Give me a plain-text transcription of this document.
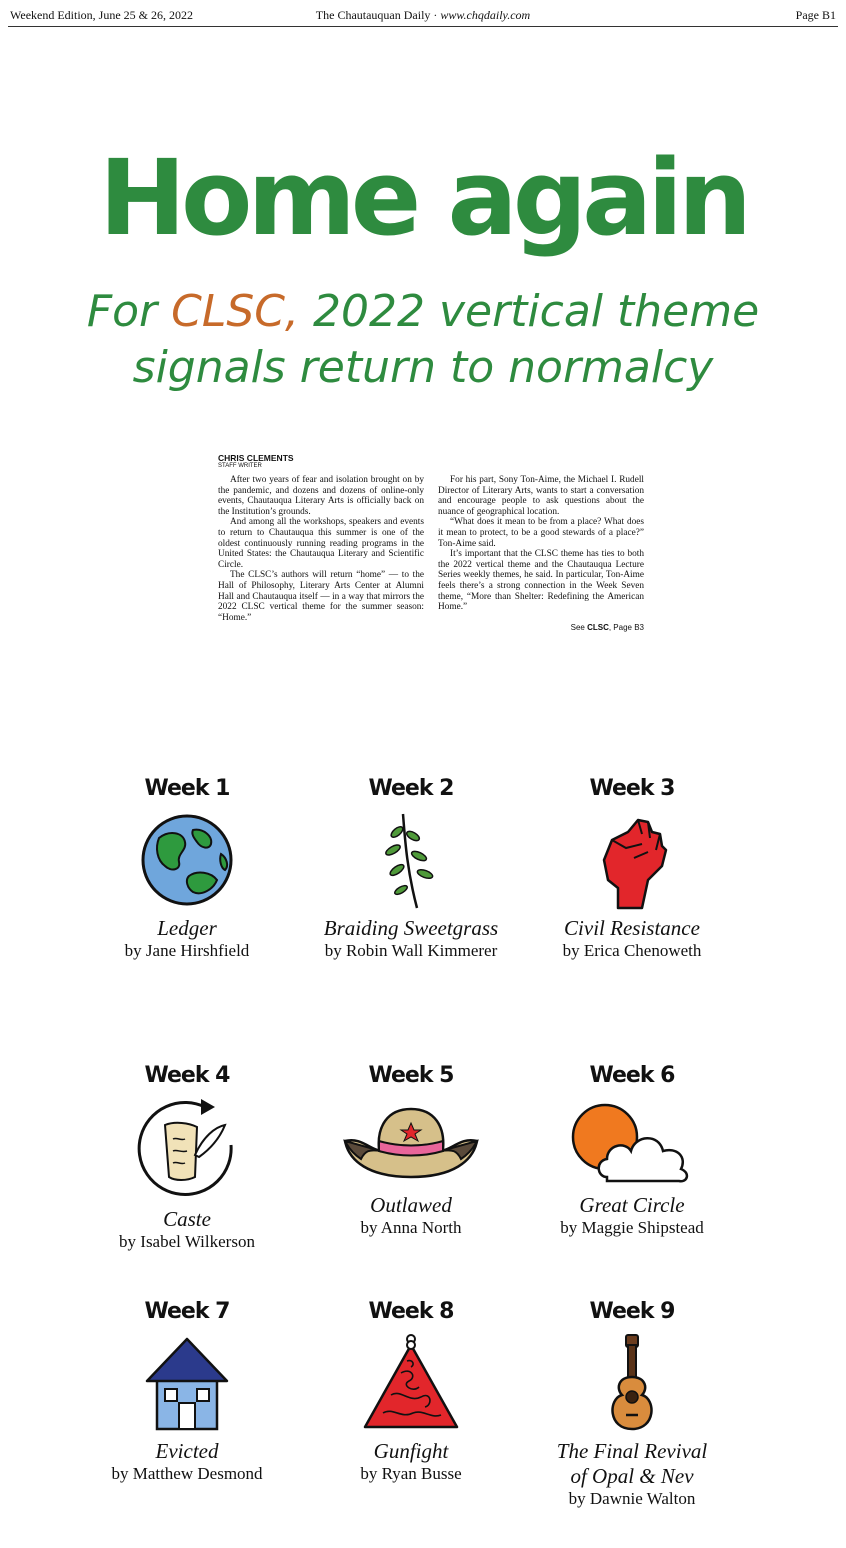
Weekend Edition, June 25 & 26, 2022	The Chautauquan Daily · www.chqdaily.com	Page B1
Home again
For CLSC, 2022 vertical theme
signals return to normalcy
CHRIS CLEMENTS
STAFF WRITER

After two years of fear and isolation brought on by the pandemic, and dozens and dozens of online-only events, Chautauqua Literary Arts is officially back on the Institution’s grounds.

And among all the workshops, speakers and events to return to Chautauqua this summer is one of the oldest continuously running reading programs in the United States: the Chautauqua Literary and Scientific Circle.

The CLSC’s authors will return “home” — to the Hall of Philosophy, Literary Arts Center at Alumni Hall and Chautauqua itself — in a way that mirrors the 2022 CLSC vertical theme for the summer season: “Home.”

For his part, Sony Ton-Aime, the Michael I. Rudell Director of Literary Arts, wants to start a conversation and encourage people to ask questions about the nuance of geographical location.

“What does it mean to be from a place? What does it mean to protect, to be a good stewards of a place?” Ton-Aime said.

It’s important that the CLSC theme has ties to both the 2022 vertical theme and the Chautauqua Lecture Series weekly themes, he said. In particular, Ton-Aime feels there’s a strong connection in the Week Seven theme, “More than Shelter: Redefining the American Home.”

See CLSC, Page B3
Week 1
Ledger
by Jane Hirshfield
Week 2
Braiding Sweetgrass
by Robin Wall Kimmerer
Week 3
Civil Resistance
by Erica Chenoweth
Week 4
Caste
by Isabel Wilkerson
Week 5
Outlawed
by Anna North
Week 6
Great Circle
by Maggie Shipstead
Week 7
Evicted
by Matthew Desmond
Week 8
Gunfight
by Ryan Busse
Week 9
The Final Revival
of Opal & Nev
by Dawnie Walton
